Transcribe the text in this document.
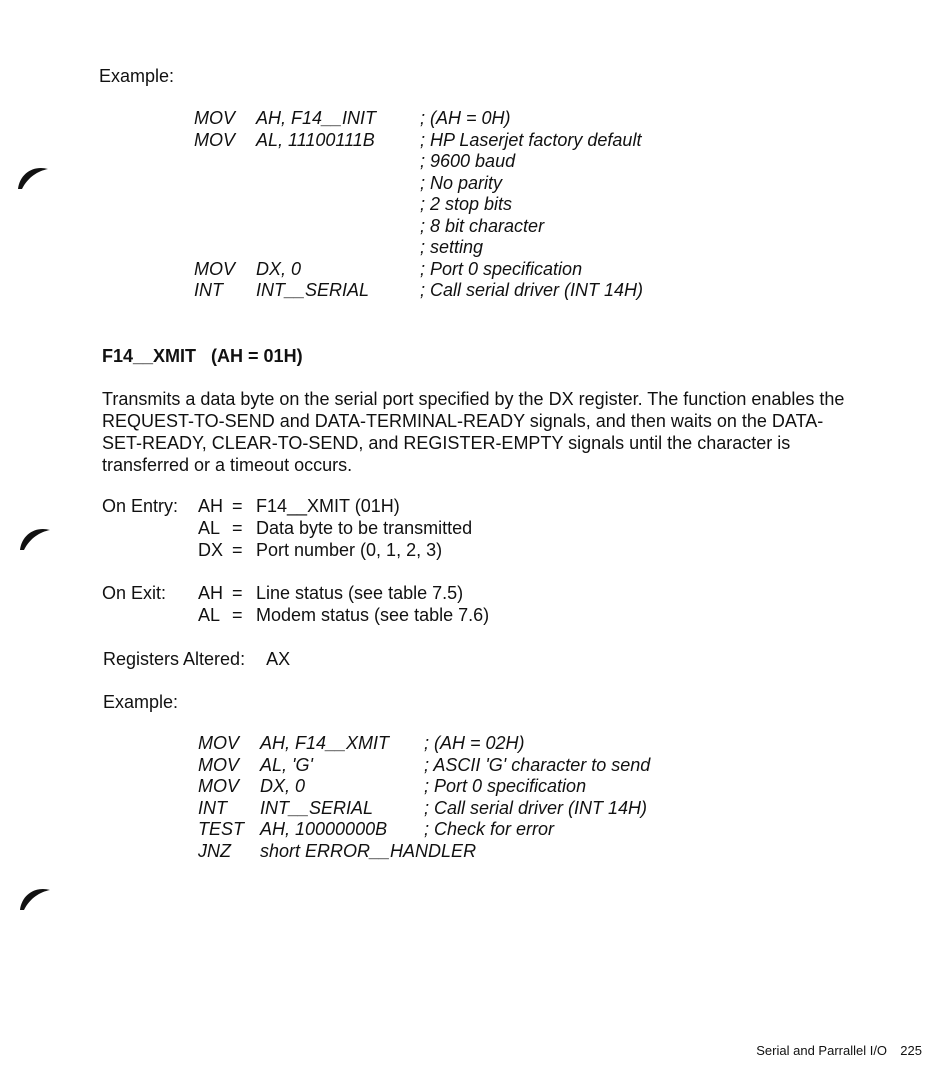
Example:
MOV AH, F14__INIT ; (AH = 0H)
MOV AL, 11100111B	; HP Laserjet factory default
; 9600 baud
; No parity
; 2 stop bits
; 8 bit character
; setting
MOV DX, 0	; Port 0 specification
INT INT__SERIAL	; Call serial driver (INT 14H)
F14__XMIT   (AH = 01H)
Transmits a data byte on the serial port specified by the DX register. The function enables the REQUEST-TO-SEND and DATA-TERMINAL-READY signals, and then waits on the DATA-SET-READY, CLEAR-TO-SEND, and REGISTER-EMPTY signals until the character is transferred or a timeout occurs.
On Entry: AH = F14__XMIT (01H)
AL = Data byte to be transmitted
DX = Port number (0, 1, 2, 3)
On Exit: AH = Line status (see table 7.5)
AL = Modem status (see table 7.6)
Registers Altered: AX
Example:
MOV AH, F14__XMIT ; (AH = 02H)
MOV AL, 'G'	; ASCII 'G' character to send
MOV DX, 0	; Port 0 specification
INT INT__SERIAL	; Call serial driver (INT 14H)
TEST AH, 10000000B ; Check for error
JNZ short ERROR__HANDLER
Serial and Parrallel I/O 225
